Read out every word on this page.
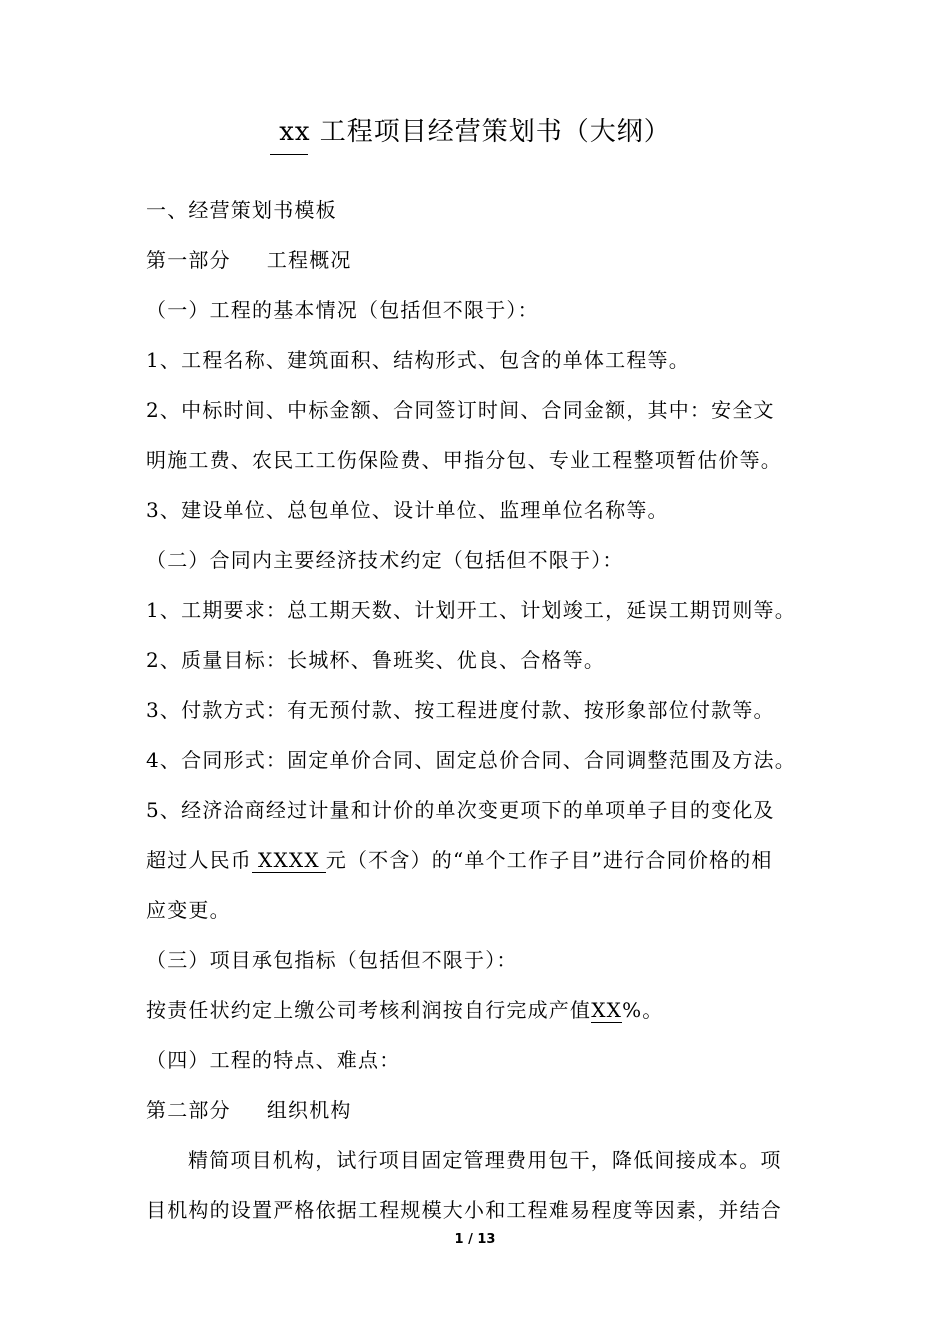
xx 工程项目经营策划书（大纲）
一、经营策划书模板
第一部分 工程概况
（一）工程的基本情况（包括但不限于）：
1、工程名称、建筑面积、结构形式、包含的单体工程等。
2、中标时间、中标金额、合同签订时间、合同金额，其中：安全文
明施工费、农民工工伤保险费、甲指分包、专业工程整项暂估价等。
3、建设单位、总包单位、设计单位、监理单位名称等。
（二）合同内主要经济技术约定（包括但不限于）：
1、工期要求：总工期天数、计划开工、计划竣工，延误工期罚则等。
2、质量目标：长城杯、鲁班奖、优良、合格等。
3、付款方式：有无预付款、按工程进度付款、按形象部位付款等。
4、合同形式：固定单价合同、固定总价合同、合同调整范围及方法。
5、经济洽商经过计量和计价的单次变更项下的单项单子目的变化及
超过人民币 XXXX 元（不含）的“单个工作子目”进行合同价格的相
应变更。
（三）项目承包指标（包括但不限于）：
按责任状约定上缴公司考核利润按自行完成产值XX%。
（四）工程的特点、难点：
第二部分 组织机构
精简项目机构，试行项目固定管理费用包干，降低间接成本。项
目机构的设置严格依据工程规模大小和工程难易程度等因素，并结合
1 / 13
